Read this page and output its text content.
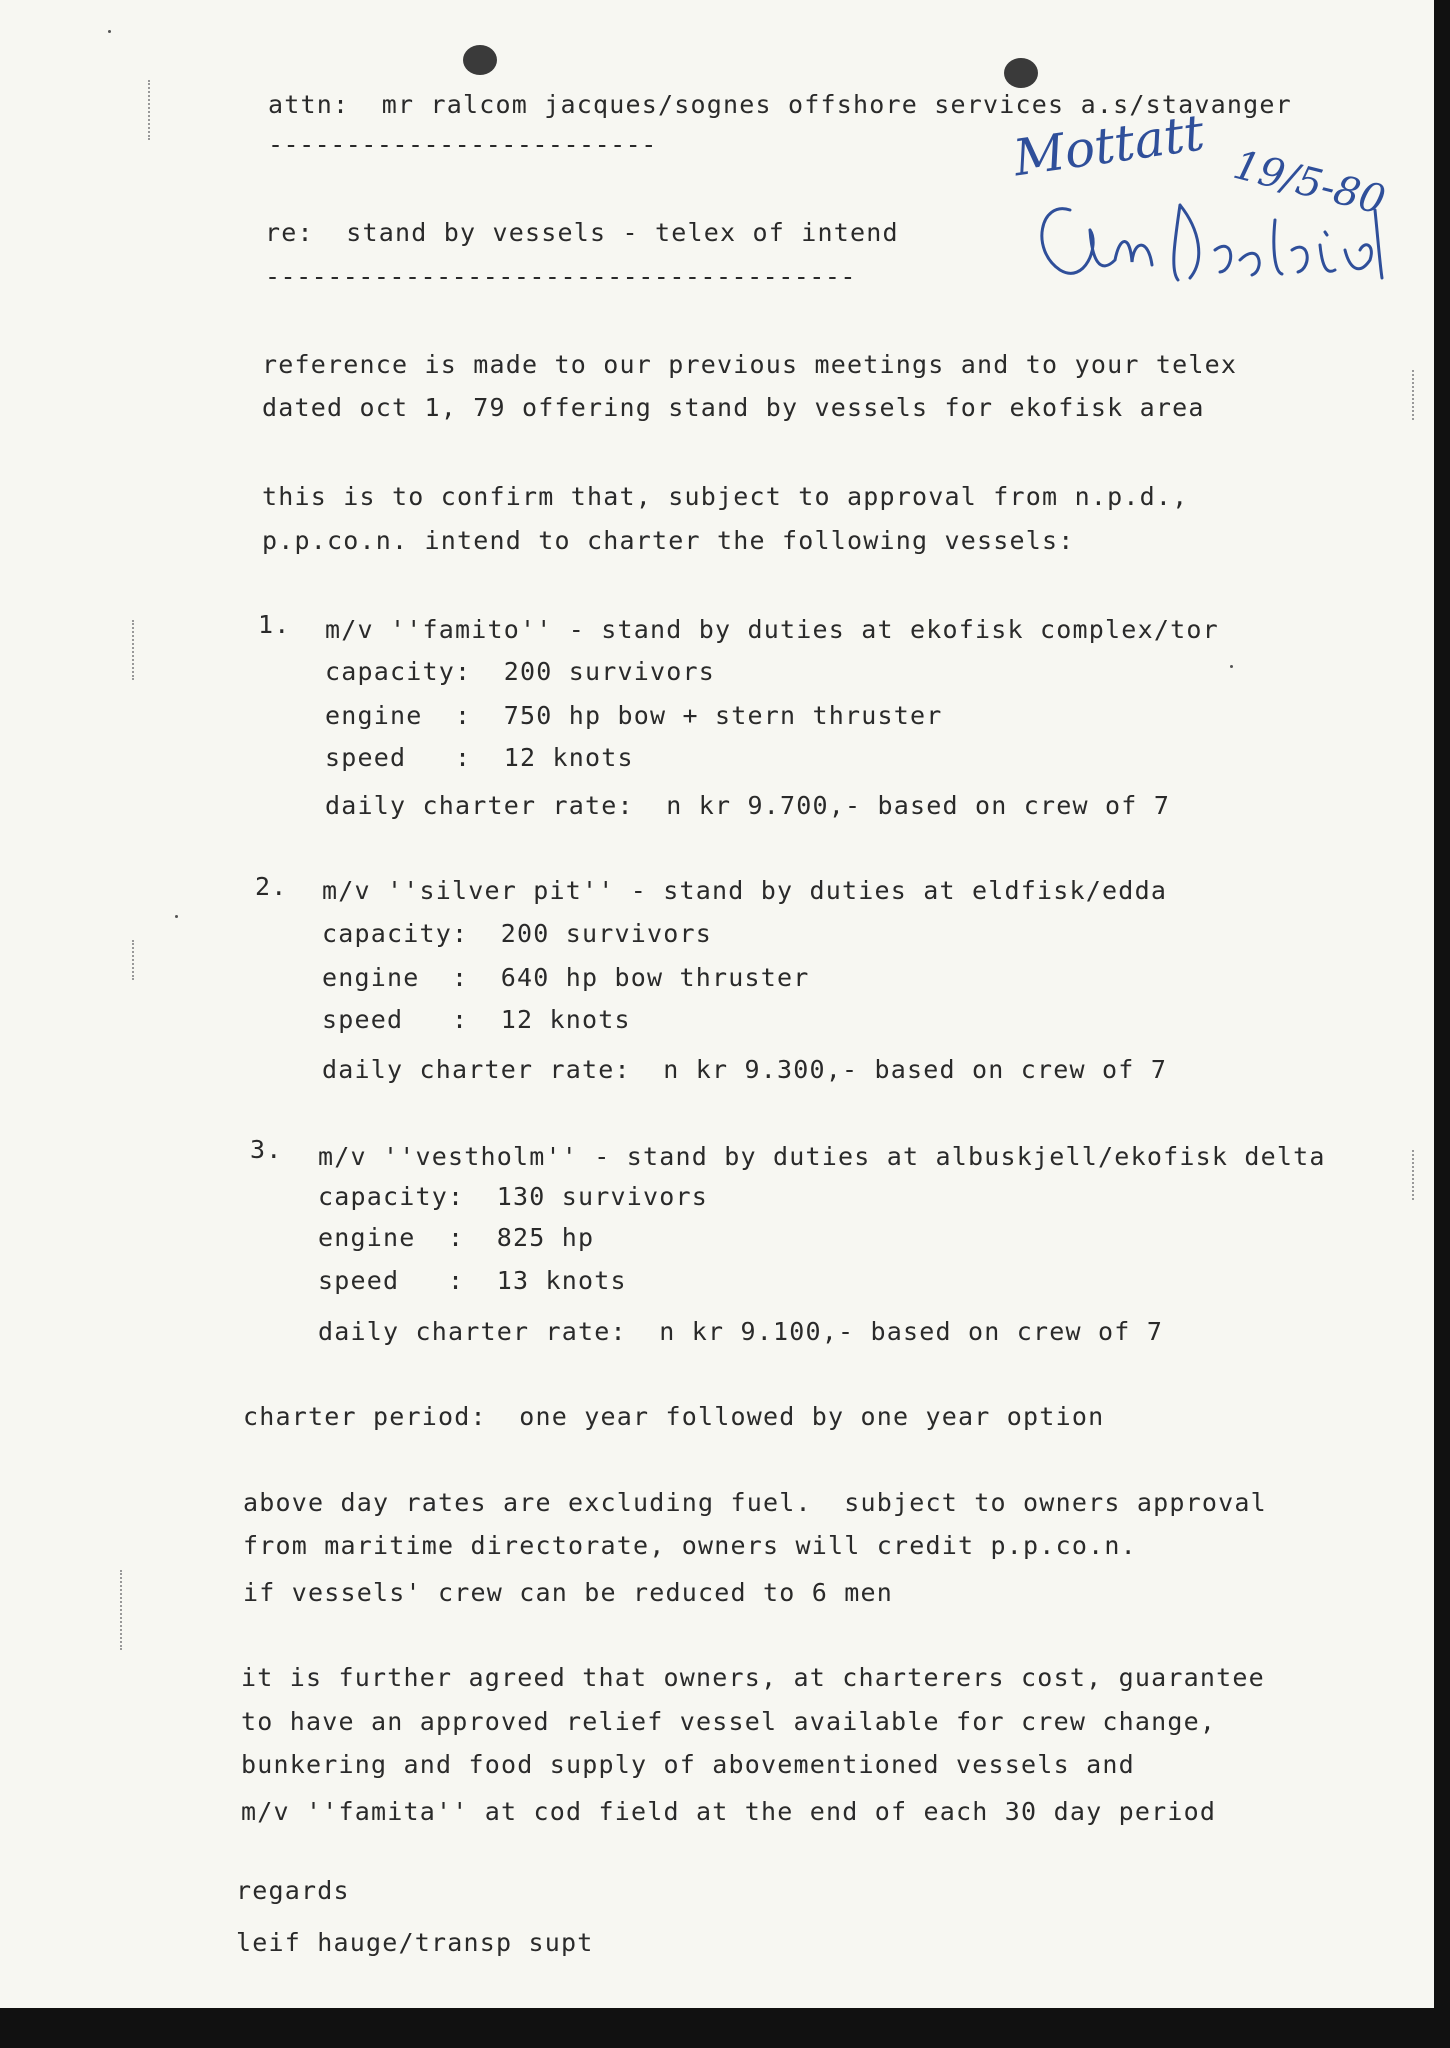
attn:  mr ralcom jacques/sognes offshore services a.s/stavanger
-------------------------
re:  stand by vessels - telex of intend
--------------------------------------
Mottatt 19/5-80
reference is made to our previous meetings and to your telex
dated oct 1, 79 offering stand by vessels for ekofisk area
this is to confirm that, subject to approval from n.p.d.,
p.p.co.n. intend to charter the following vessels:
1. m/v ''famito'' - stand by duties at ekofisk complex/tor
capacity:  200 survivors
engine  :  750 hp bow + stern thruster
speed   :  12 knots
daily charter rate:  n kr 9.700,- based on crew of 7
2. m/v ''silver pit'' - stand by duties at eldfisk/edda
capacity:  200 survivors
engine  :  640 hp bow thruster
speed   :  12 knots
daily charter rate:  n kr 9.300,- based on crew of 7
3. m/v ''vestholm'' - stand by duties at albuskjell/ekofisk delta
capacity:  130 survivors
engine  :  825 hp
speed   :  13 knots
daily charter rate:  n kr 9.100,- based on crew of 7
charter period:  one year followed by one year option
above day rates are excluding fuel.  subject to owners approval
from maritime directorate, owners will credit p.p.co.n.
if vessels' crew can be reduced to 6 men
it is further agreed that owners, at charterers cost, guarantee
to have an approved relief vessel available for crew change,
bunkering and food supply of abovementioned vessels and
m/v ''famita'' at cod field at the end of each 30 day period
regards
leif hauge/transp supt
